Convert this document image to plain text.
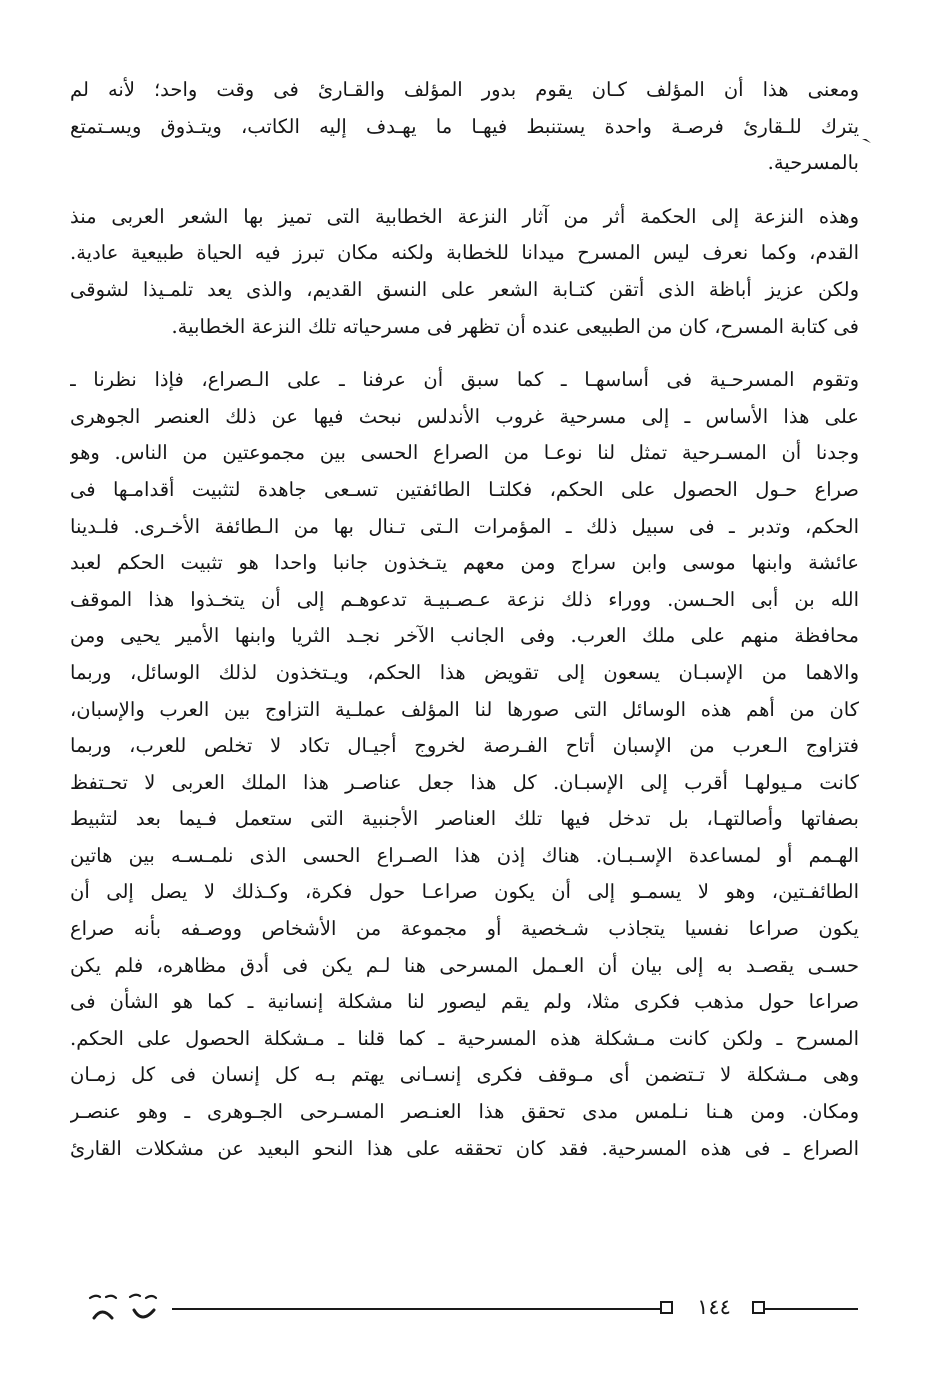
ومعنى هذا أن المؤلف كـان يقوم بدور المؤلف والقـارئ فى وقت واحد؛ لأنه لم
يترك للـقارئ فرصـة واحدة يستنبط فيهـا ما يهـدف إليه الكاتب، ويتـذوق ويسـتمتع
بالمسرحية.
وهذه النزعة إلى الحكمة أثر من آثار النزعة الخطابية التى تميز بها الشعر العربى منذ
القدم، وكما نعرف ليس المسرح ميدانا للخطابة ولكنه مكان تبرز فيه الحياة طبيعية عادية.
ولكن عزيز أباظة الذى أتقن كتـابة الشعر على النسق القديم، والذى يعد تلمـيذا لشوقى
فى كتابة المسرح، كان من الطبيعى عنده أن تظهر فى مسرحياته تلك النزعة الخطابية.
وتقوم المسرحـية فى أساسهـا ـ كما سبق أن عرفنا ـ على الـصراع، فإذا نظرنا ـ
على هذا الأساس ـ إلى مسرحية غروب الأندلس نبحث فيها عن ذلك العنصر الجوهرى
وجدنا أن المسـرحية تمثل لنا نوعـا من الصراع الحسى بين مجموعتين من الناس. وهو
صراع حـول الحصول على الحكم، فكلتـا الطائفتين تسـعى جاهدة لتثبيت أقدامـها فى
الحكم، وتدبر ـ فى سبيل ذلك ـ المؤمرات الـتى تـنال بها من الـطائفة الأخـرى. فلـدينا
عائشة وابنها موسى وابن سراج ومن معهم يتـخذون جانبا واحدا هو تثبيت الحكم لعبد
الله بن أبى الحـسن. ووراء ذلك نزعة عـصـبيـة تدعوهـم إلى أن يتخـذوا هذا الموقف
محافظة منهم على ملك العرب. وفى الجانب الآخر نجـد الثريا وابنها الأمير يحيى ومن
والاهما من الإسبـان يسعون إلى تقويض هذا الحكم، ويـتخذون لذلك الوسائل، وربما
كان من أهم هذه الوسائل التى صورها لنا المؤلف عملـية التزاوج بين العرب والإسبان،
فتزاوج الـعرب من الإسبان أتاح الفـرصة لخروج أجيـال تكاد لا تخلص للعرب، وربما
كانت مـيولهـا أقرب إلى الإسبـان. كل هذا جعل عناصـر هذا الملك العربى لا تحـتفظ
بصفاتها وأصالتهـا، بل تدخل فيها تلك العناصر الأجنبية التى ستعمل فـيما بعد لتثبيط
الهـمم أو لمساعدة الإسـبـان. هناك إذن هذا الصـراع الحسى الذى نلمـسـه بين هاتين
الطائفـتين، وهو لا يسمـو إلى أن يكون صراعـا حول فكرة، وكـذلك لا يصل إلى أن
يكون صراعا نفسيا يتجاذب شـخصية أو مجموعة من الأشخاص ووصـفه بأنه صراع
حسـى يقصـد به إلى بيان أن العـمل المسرحى هنا لـم يكن فى أدق مظاهره، فلم يكن
صراعا حول مذهب فكرى مثلا، ولم يقم ليصور لنا مشكلة إنسانية ـ كما هو الشأن فى
المسرح ـ ولكن كانت مـشكلة هذه المسرحية ـ كما قلنا ـ مـشكلة الحصول على الحكم.
وهى مـشكلة لا تـتضمن أى مـوقف فكرى إنسـانى يهتم بـه كل إنسان فى كل زمـان
ومكان. ومن هـنا نـلمس مدى تحقق هذا العنـصر المسـرحى الجـوهرى ـ وهو عنصـر
الصراع ـ فى هذه المسرحية. فقد كان تحققه على هذا النحو البعيد عن مشكلات القارئ
١٤٤
